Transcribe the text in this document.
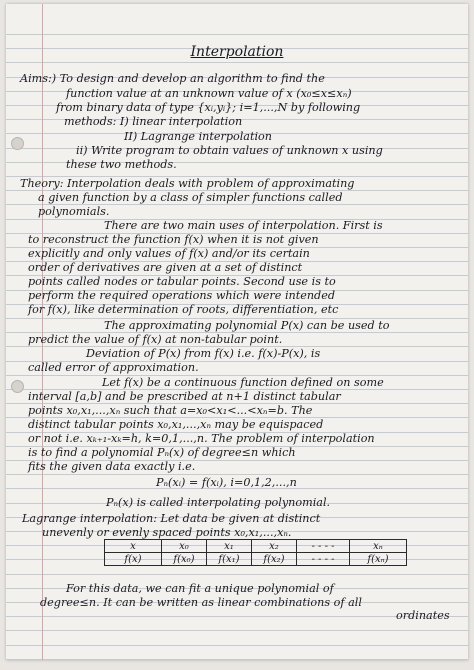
Interpolation
Aims:) To design and develop an algorithm to find the
function value at an unknown value of x (x₀≤x≤xₙ)
from binary data of type {xᵢ,yᵢ}; i=1,...,N by following
methods: I) linear interpolation
II) Lagrange interpolation
ii) Write program to obtain values of unknown x using
these two methods.
Theory: Interpolation deals with problem of approximating
a given function by a class of simpler functions called
polynomials.
There are two main uses of interpolation. First is
to reconstruct the function f(x) when it is not given
explicitly and only values of f(x) and/or its certain
order of derivatives are given at a set of distinct
points called nodes or tabular points. Second use is to
perform the required operations which were intended
for f(x), like determination of roots, differentiation, etc
The approximating polynomial P(x) can be used to
predict the value of f(x) at non-tabular point.
Deviation of P(x) from f(x) i.e. f(x)-P(x), is
called error of approximation.
Let f(x) be a continuous function defined on some
interval [a,b] and be prescribed at n+1 distinct tabular
points x₀,x₁,...,xₙ such that a=x₀<x₁<...<xₙ=b. The
distinct tabular points x₀,x₁,...,xₙ may be equispaced
or not i.e. xₖ₊₁-xₖ=h, k=0,1,...,n. The problem of interpolation
is to find a polynomial Pₙ(x) of degree≤n which
fits the given data exactly i.e.
Pₙ(xᵢ) = f(xᵢ), i=0,1,2,...,n
Pₙ(x) is called interpolating polynomial.
Lagrange interpolation: Let data be given at distinct
unevenly or evenly spaced points x₀,x₁,...,xₙ.
For this data, we can fit a unique polynomial of
degree≤n. It can be written as linear combinations of all
ordinates
x	x₀	x₁	x₂	- - - -	xₙ
f(x)	f(x₀)	f(x₁)	f(x₂)	- - - -	f(xₙ)
